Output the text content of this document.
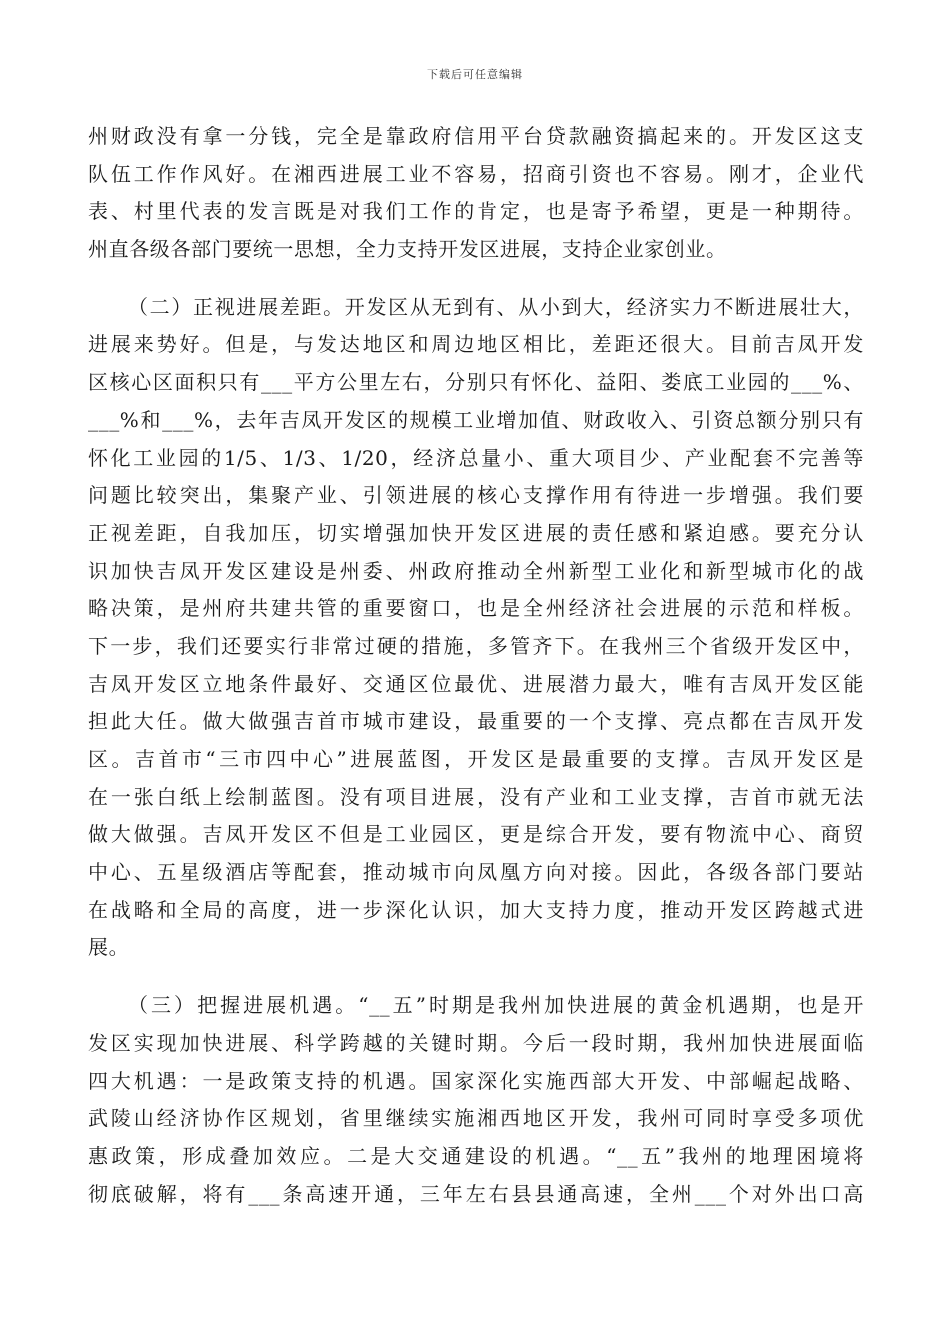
下载后可任意编辑
州财政没有拿一分钱，完全是靠政府信用平台贷款融资搞起来的。开发区这支
队伍工作作风好。在湘西进展工业不容易，招商引资也不容易。刚才，企业代
表、村里代表的发言既是对我们工作的肯定，也是寄予希望，更是一种期待。
州直各级各部门要统一思想，全力支持开发区进展，支持企业家创业。
（二）正视进展差距。开发区从无到有、从小到大，经济实力不断进展壮大，
进展来势好。但是，与发达地区和周边地区相比，差距还很大。目前吉凤开发
区核心区面积只有___平方公里左右，分别只有怀化、益阳、娄底工业园的___%、
___%和___%，去年吉凤开发区的规模工业增加值、财政收入、引资总额分别只有
怀化工业园的1/5、1/3、1/20，经济总量小、重大项目少、产业配套不完善等
问题比较突出，集聚产业、引领进展的核心支撑作用有待进一步增强。我们要
正视差距，自我加压，切实增强加快开发区进展的责任感和紧迫感。要充分认
识加快吉凤开发区建设是州委、州政府推动全州新型工业化和新型城市化的战
略决策，是州府共建共管的重要窗口，也是全州经济社会进展的示范和样板。
下一步，我们还要实行非常过硬的措施，多管齐下。在我州三个省级开发区中，
吉凤开发区立地条件最好、交通区位最优、进展潜力最大，唯有吉凤开发区能
担此大任。做大做强吉首市城市建设，最重要的一个支撑、亮点都在吉凤开发
区。吉首市“三市四中心”进展蓝图，开发区是最重要的支撑。吉凤开发区是
在一张白纸上绘制蓝图。没有项目进展，没有产业和工业支撑，吉首市就无法
做大做强。吉凤开发区不但是工业园区，更是综合开发，要有物流中心、商贸
中心、五星级酒店等配套，推动城市向凤凰方向对接。因此，各级各部门要站
在战略和全局的高度，进一步深化认识，加大支持力度，推动开发区跨越式进
展。
（三）把握进展机遇。“__五”时期是我州加快进展的黄金机遇期，也是开
发区实现加快进展、科学跨越的关键时期。今后一段时期，我州加快进展面临
四大机遇：一是政策支持的机遇。国家深化实施西部大开发、中部崛起战略、
武陵山经济协作区规划，省里继续实施湘西地区开发，我州可同时享受多项优
惠政策，形成叠加效应。二是大交通建设的机遇。“__五”我州的地理困境将
彻底破解，将有___条高速开通，三年左右县县通高速，全州___个对外出口高
